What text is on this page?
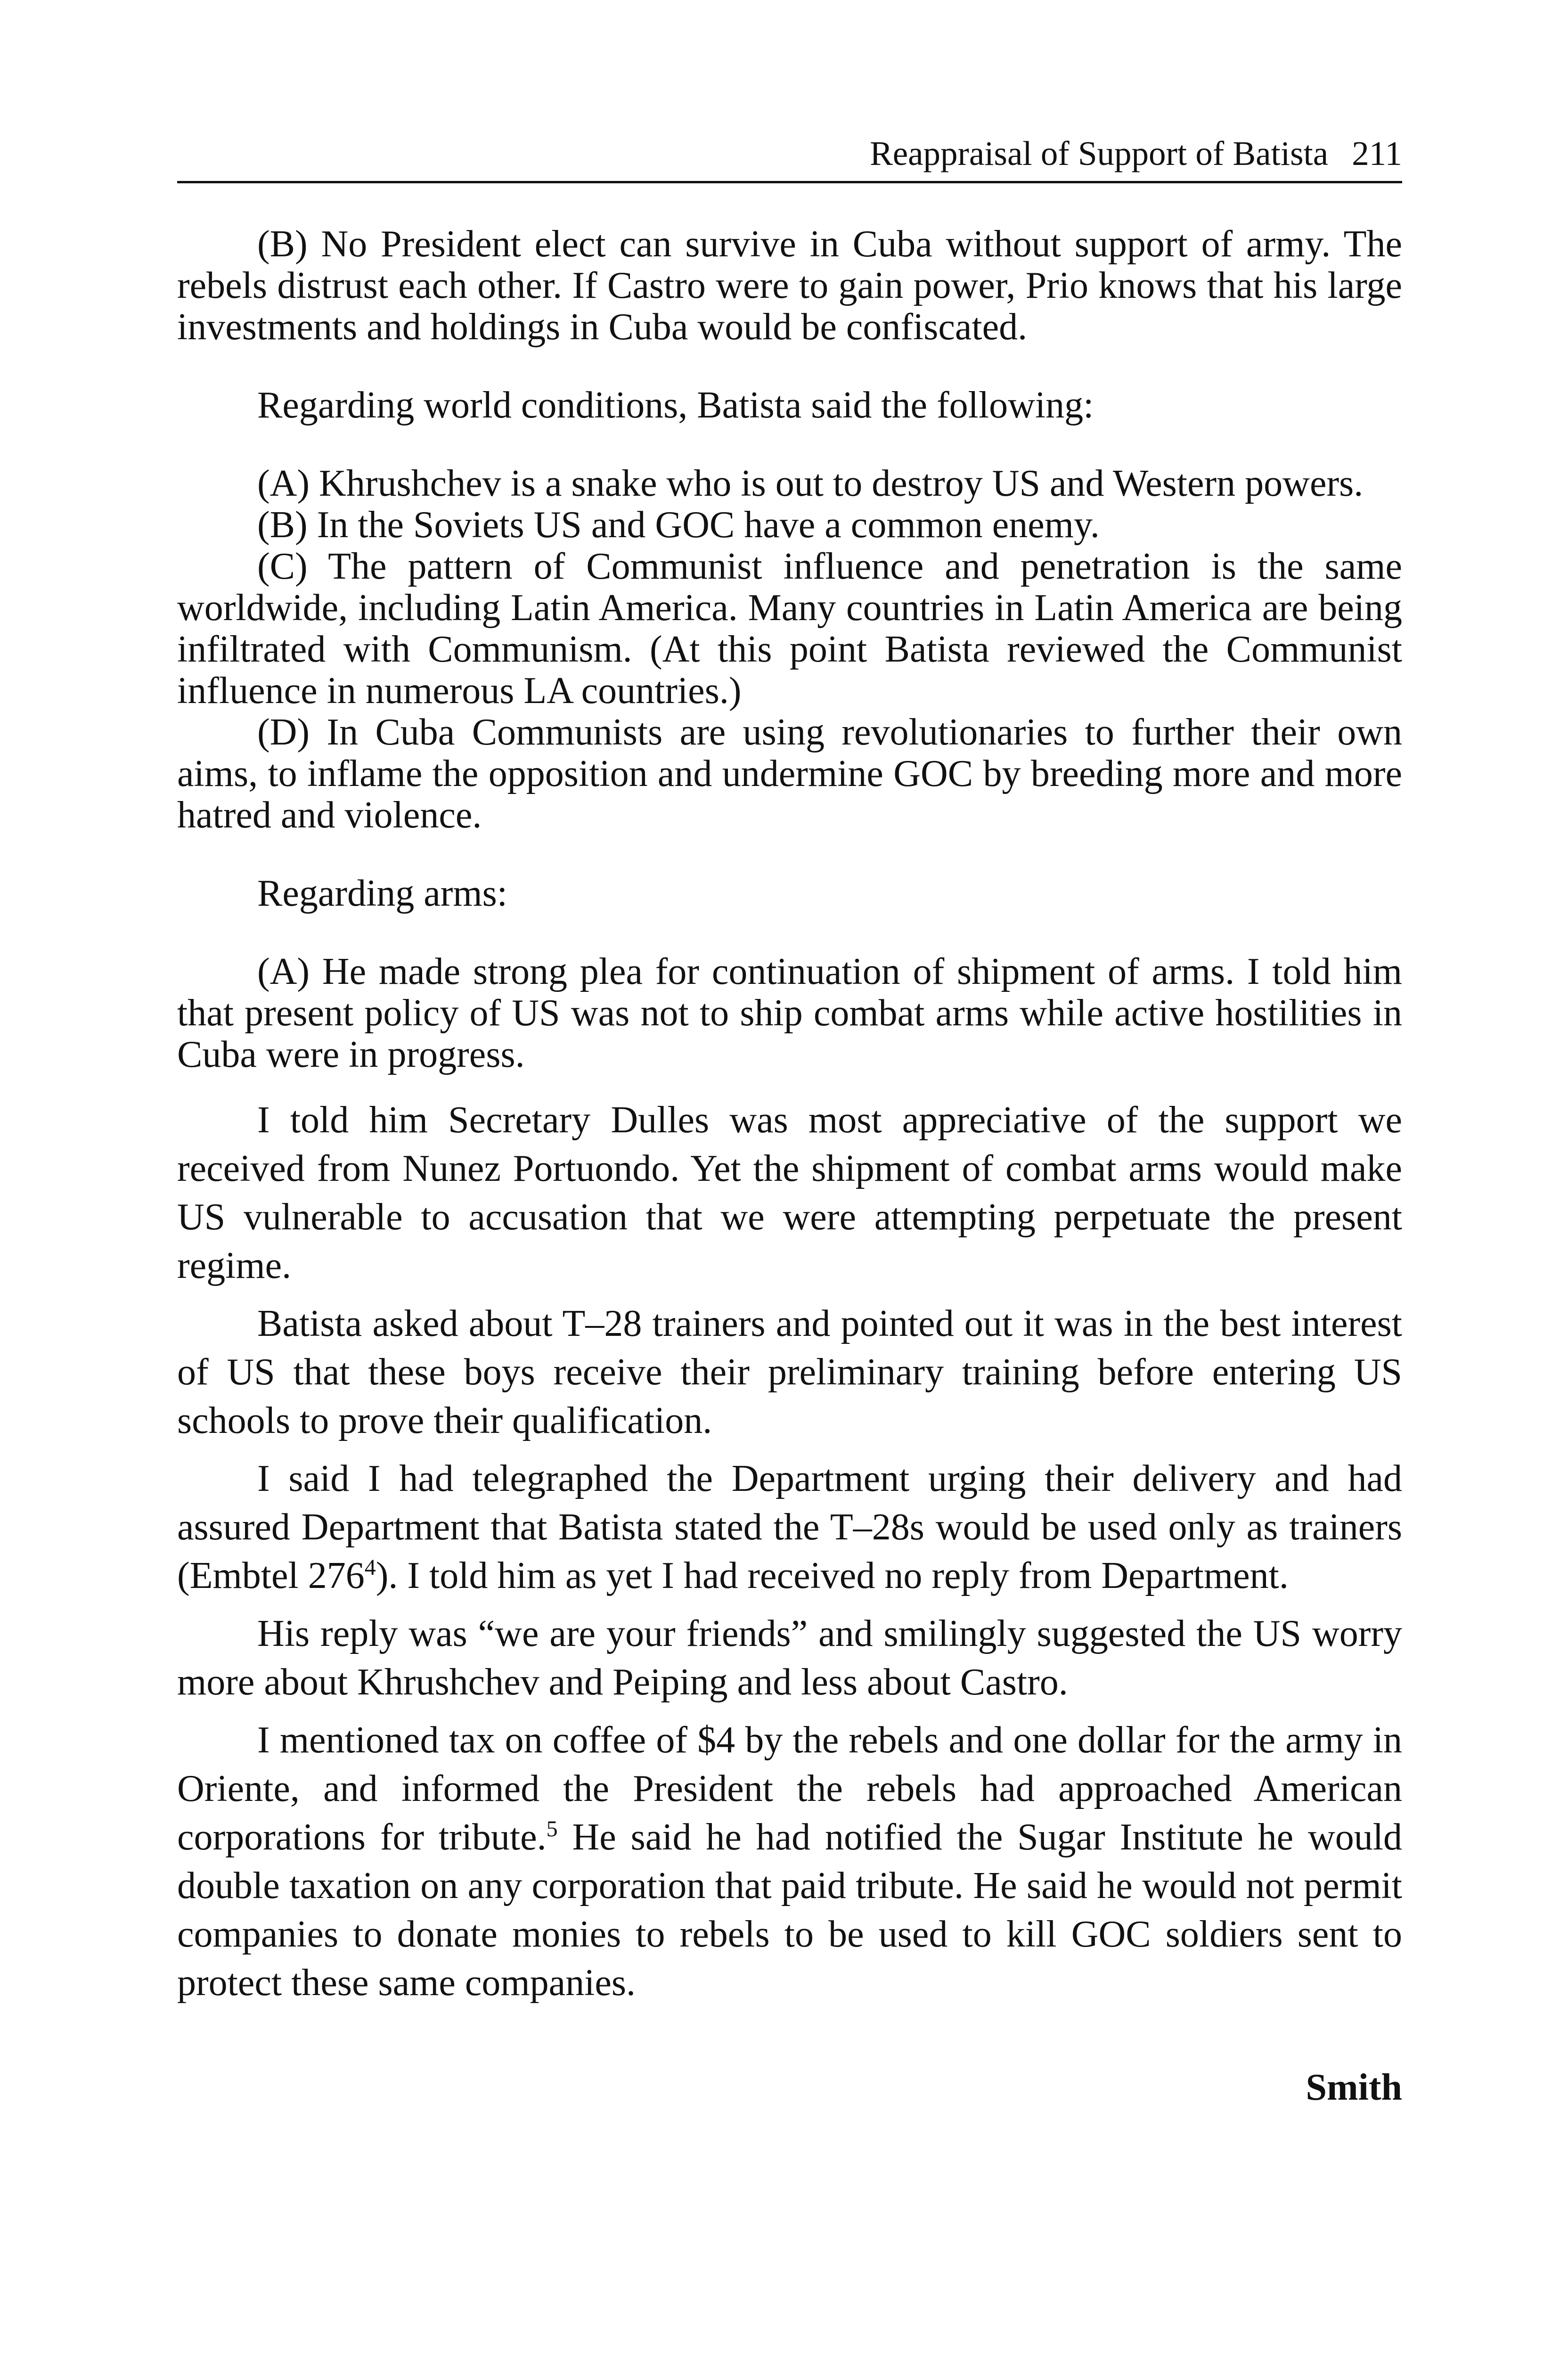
Reappraisal of Support of Batista 211

(B) No President elect can survive in Cuba without support of army. The rebels distrust each other. If Castro were to gain power, Prio knows that his large investments and holdings in Cuba would be confiscated.

Regarding world conditions, Batista said the following:

(A) Khrushchev is a snake who is out to destroy US and Western powers.

(B) In the Soviets US and GOC have a common enemy.

(C) The pattern of Communist influence and penetration is the same worldwide, including Latin America. Many countries in Latin America are being infiltrated with Communism. (At this point Batista reviewed the Communist influence in numerous LA countries.)

(D) In Cuba Communists are using revolutionaries to further their own aims, to inflame the opposition and undermine GOC by breeding more and more hatred and violence.

Regarding arms:

(A) He made strong plea for continuation of shipment of arms. I told him that present policy of US was not to ship combat arms while active hostilities in Cuba were in progress.

I told him Secretary Dulles was most appreciative of the support we received from Nunez Portuondo. Yet the shipment of combat arms would make US vulnerable to accusation that we were attempting perpetuate the present regime.

Batista asked about T–28 trainers and pointed out it was in the best interest of US that these boys receive their preliminary training before entering US schools to prove their qualification.

I said I had telegraphed the Department urging their delivery and had assured Department that Batista stated the T–28s would be used only as trainers (Embtel $276^4$). I told him as yet I had received no reply from Department.

His reply was “we are your friends” and smilingly suggested the US worry more about Khrushchev and Peiping and less about Castro.

I mentioned tax on coffee of $4 by the rebels and one dollar for the army in Oriente, and informed the President the rebels had approached American corporations for tribute.$^5$ He said he had notified the Sugar Institute he would double taxation on any corporation that paid tribute. He said he would not permit companies to donate monies to rebels to be used to kill GOC soldiers sent to protect these same companies.

Smith
